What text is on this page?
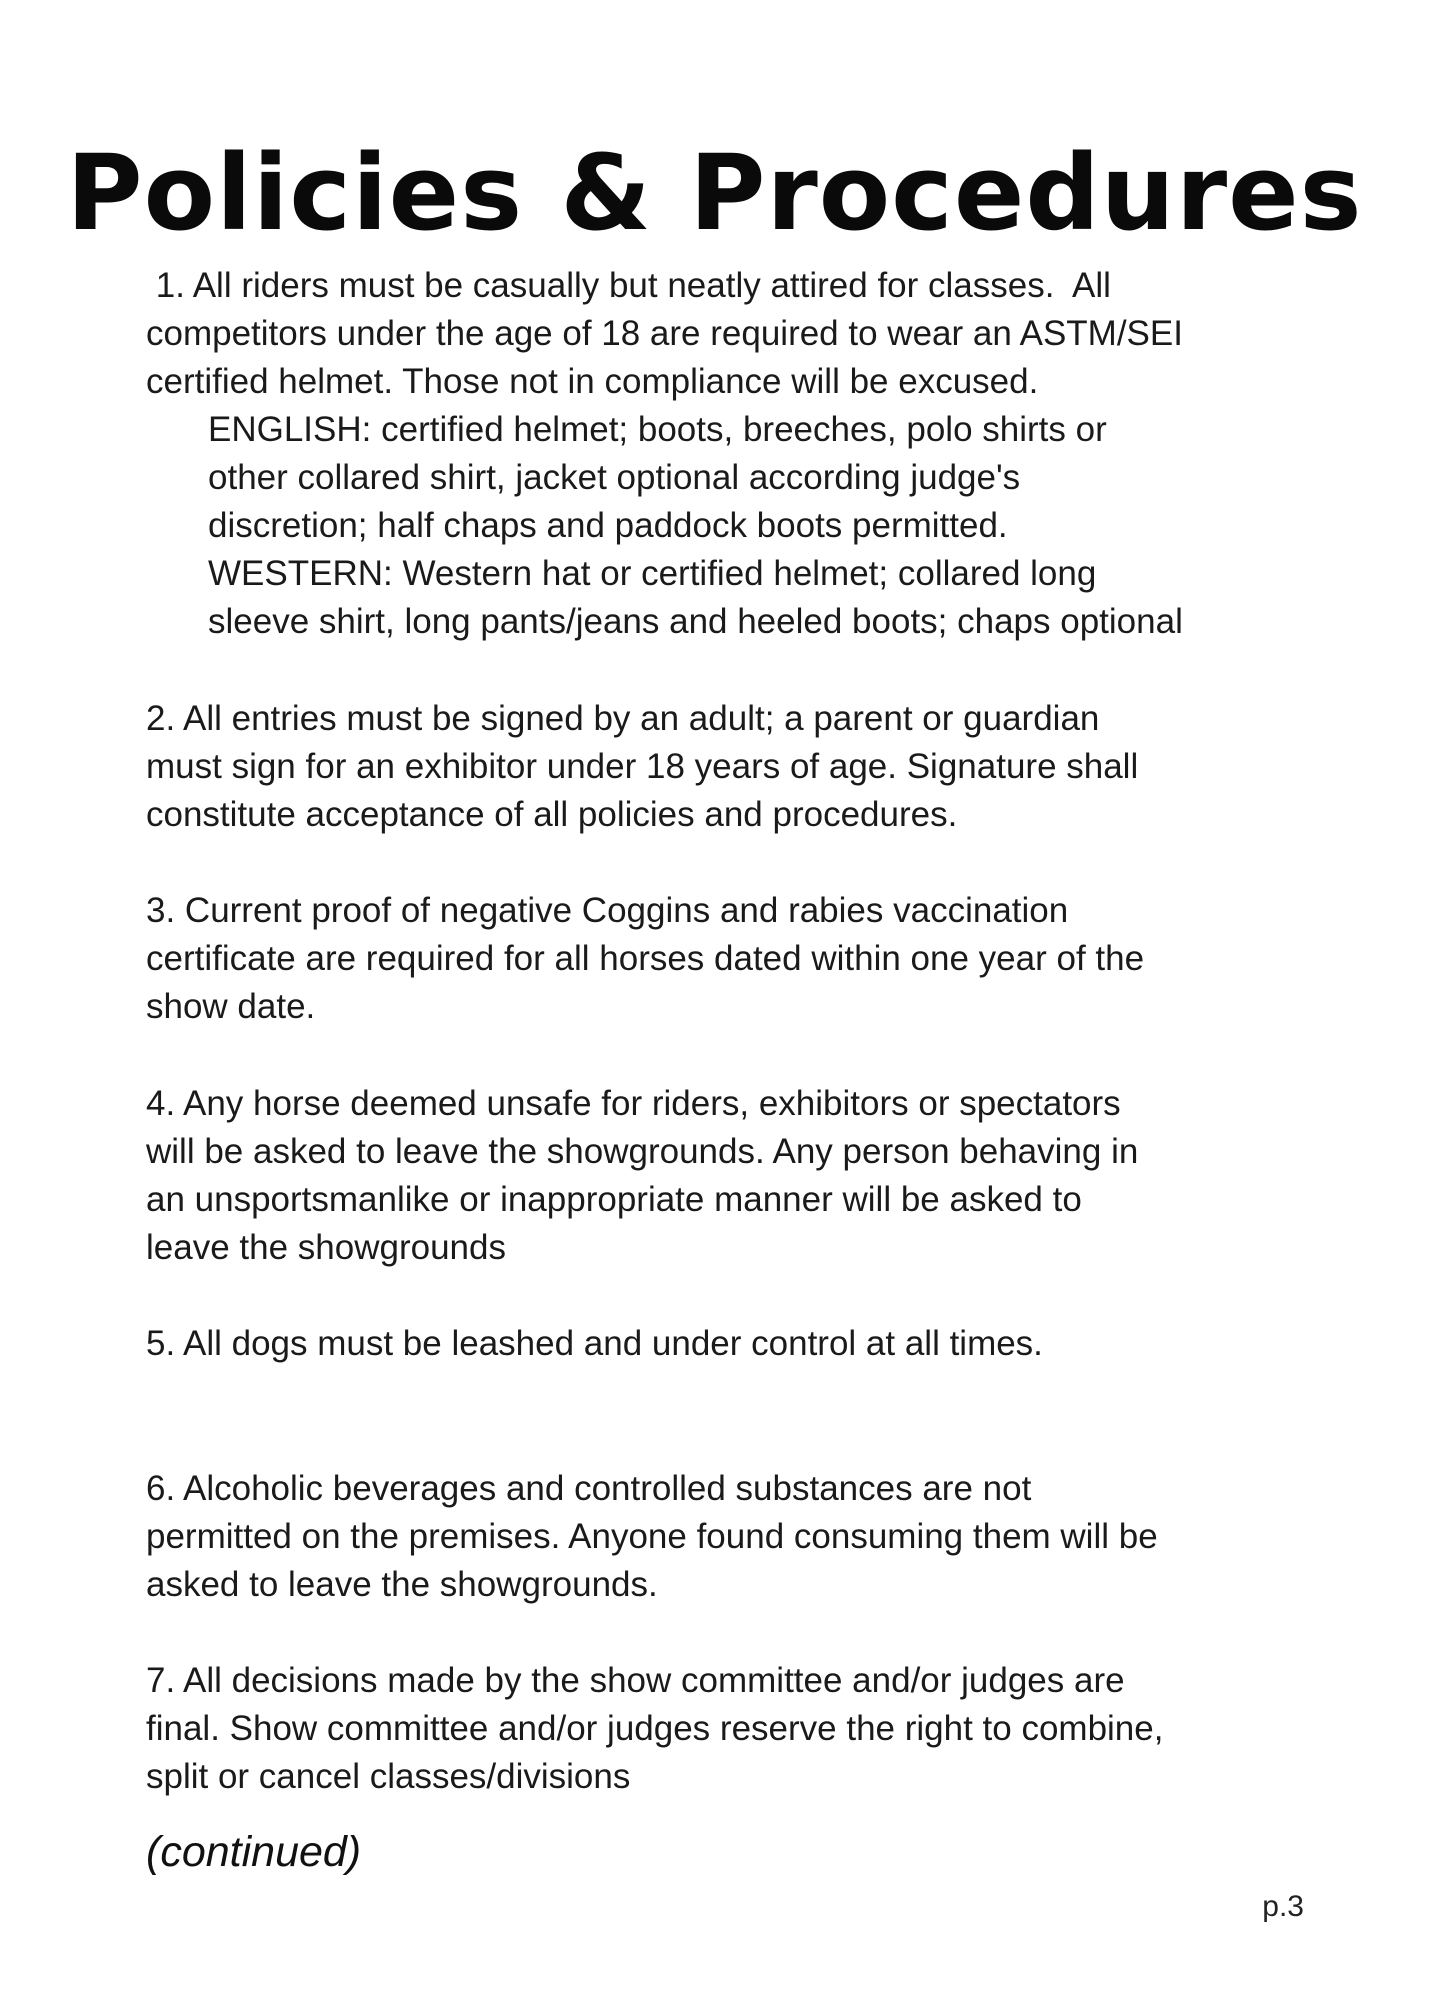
Policies & Procedures

1. All riders must be casually but neatly attired for classes.  All

competitors under the age of 18 are required to wear an ASTM/SEI

certified helmet. Those not in compliance will be excused.

ENGLISH: certified helmet; boots, breeches, polo shirts or

other collared shirt, jacket optional according judge's

discretion; half chaps and paddock boots permitted.

WESTERN: Western hat or certified helmet; collared long

sleeve shirt, long pants/jeans and heeled boots; chaps optional

2. All entries must be signed by an adult; a parent or guardian

must sign for an exhibitor under 18 years of age. Signature shall

constitute acceptance of all policies and procedures.

3. Current proof of negative Coggins and rabies vaccination

certificate are required for all horses dated within one year of the

show date.

4. Any horse deemed unsafe for riders, exhibitors or spectators

will be asked to leave the showgrounds. Any person behaving in

an unsportsmanlike or inappropriate manner will be asked to

leave the showgrounds

5. All dogs must be leashed and under control at all times.

6. Alcoholic beverages and controlled substances are not

permitted on the premises. Anyone found consuming them will be

asked to leave the showgrounds.

7. All decisions made by the show committee and/or judges are

final. Show committee and/or judges reserve the right to combine,

split or cancel classes/divisions

(continued)
p.3
